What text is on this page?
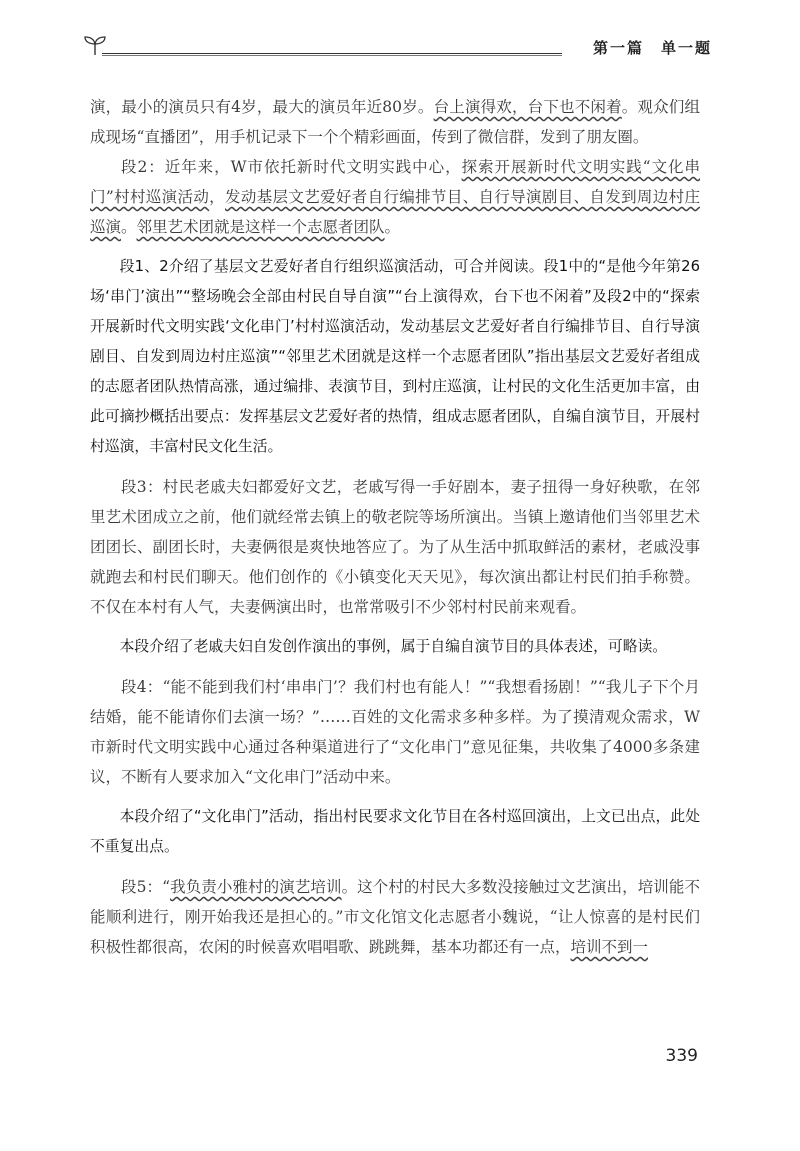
第一篇　单一题

演，最小的演员只有4岁，最大的演员年近80岁。台上演得欢，台下也不闲着。观众们组成现场“直播团”，用手机记录下一个个精彩画面，传到了微信群，发到了朋友圈。

段2：近年来，W市依托新时代文明实践中心，探索开展新时代文明实践“文化串门”村村巡演活动，发动基层文艺爱好者自行编排节目、自行导演剧目、自发到周边村庄巡演。邻里艺术团就是这样一个志愿者团队。

段1、2介绍了基层文艺爱好者自行组织巡演活动，可合并阅读。段1中的“是他今年第26场‘串门’演出”“整场晚会全部由村民自导自演”“台上演得欢，台下也不闲着”及段2中的“探索开展新时代文明实践‘文化串门’村村巡演活动，发动基层文艺爱好者自行编排节目、自行导演剧目、自发到周边村庄巡演”“邻里艺术团就是这样一个志愿者团队”指出基层文艺爱好者组成的志愿者团队热情高涨，通过编排、表演节目，到村庄巡演，让村民的文化生活更加丰富，由此可摘抄概括出要点：发挥基层文艺爱好者的热情，组成志愿者团队，自编自演节目，开展村村巡演，丰富村民文化生活。

段3：村民老戚夫妇都爱好文艺，老戚写得一手好剧本，妻子扭得一身好秧歌，在邻里艺术团成立之前，他们就经常去镇上的敬老院等场所演出。当镇上邀请他们当邻里艺术团团长、副团长时，夫妻俩很是爽快地答应了。为了从生活中抓取鲜活的素材，老戚没事就跑去和村民们聊天。他们创作的《小镇变化天天见》，每次演出都让村民们拍手称赞。不仅在本村有人气，夫妻俩演出时，也常常吸引不少邻村村民前来观看。

本段介绍了老戚夫妇自发创作演出的事例，属于自编自演节目的具体表述，可略读。

段4：“能不能到我们村‘串串门’？我们村也有能人！”“我想看扬剧！”“我儿子下个月结婚，能不能请你们去演一场？”……百姓的文化需求多种多样。为了摸清观众需求，W市新时代文明实践中心通过各种渠道进行了“文化串门”意见征集，共收集了4000多条建议，不断有人要求加入“文化串门”活动中来。

本段介绍了“文化串门”活动，指出村民要求文化节目在各村巡回演出，上文已出点，此处不重复出点。

段5：“我负责小雅村的演艺培训。这个村的村民大多数没接触过文艺演出，培训能不能顺利进行，刚开始我还是担心的。”市文化馆文化志愿者小魏说，“让人惊喜的是村民们积极性都很高，农闲的时候喜欢唱唱歌、跳跳舞，基本功都还有一点，培训不到一

339
